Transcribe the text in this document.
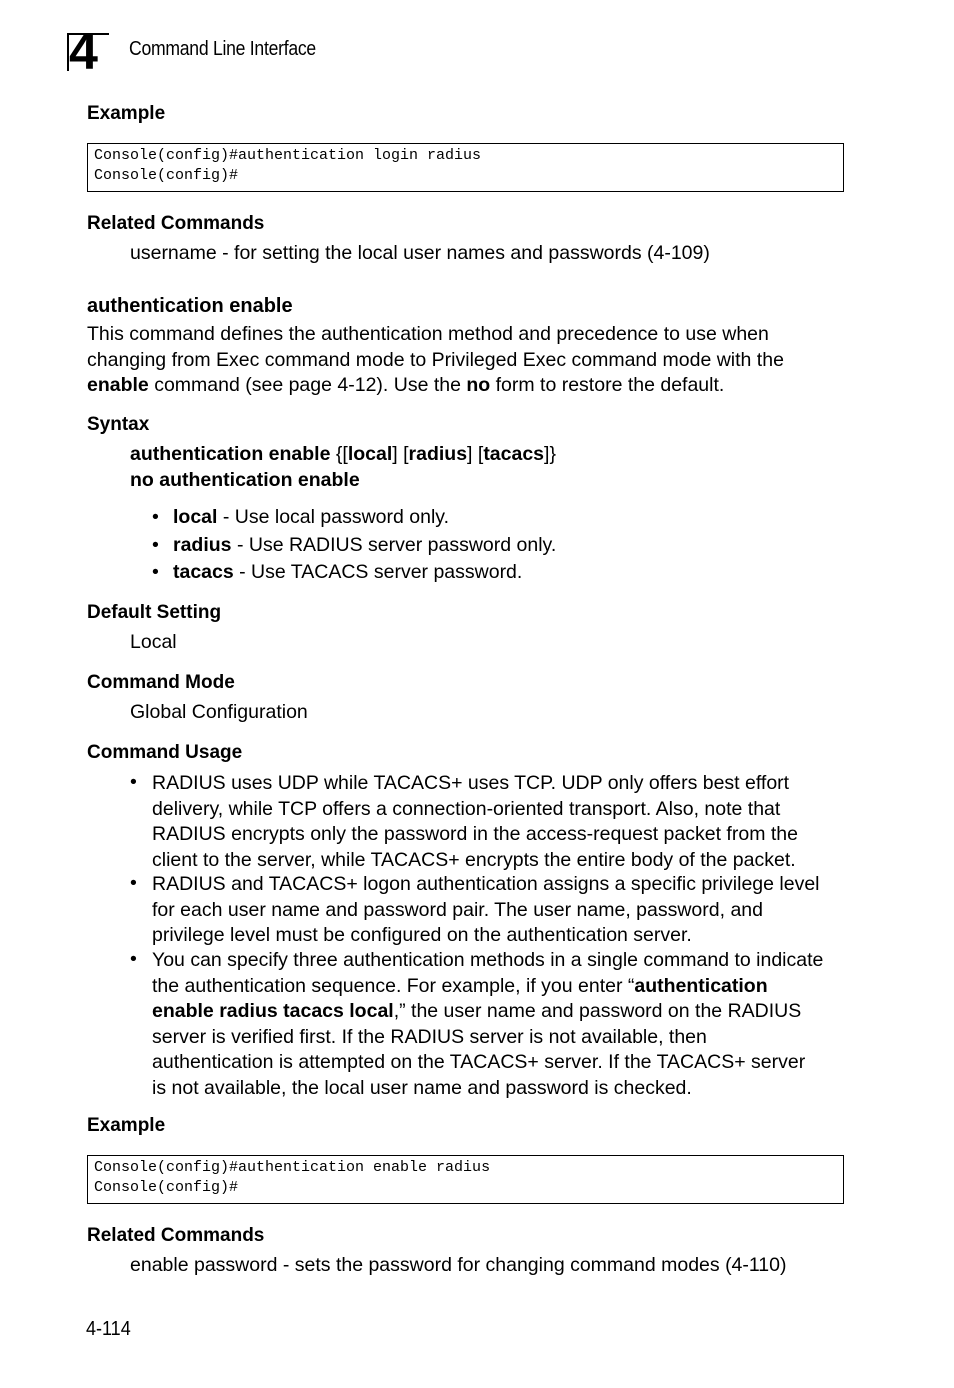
4 Command Line Interface
Example
Console(config)#authentication login radius
Console(config)#
Related Commands
username - for setting the local user names and passwords (4-109)
authentication enable
This command defines the authentication method and precedence to use when
changing from Exec command mode to Privileged Exec command mode with the
enable command (see page 4-12). Use the no form to restore the default.
Syntax
authentication enable {[local] [radius] [tacacs]}
no authentication enable
• local - Use local password only.
• radius - Use RADIUS server password only.
• tacacs - Use TACACS server password.
Default Setting
Local
Command Mode
Global Configuration
Command Usage
• RADIUS uses UDP while TACACS+ uses TCP. UDP only offers best effort
delivery, while TCP offers a connection-oriented transport. Also, note that
RADIUS encrypts only the password in the access-request packet from the
client to the server, while TACACS+ encrypts the entire body of the packet.
• RADIUS and TACACS+ logon authentication assigns a specific privilege level
for each user name and password pair. The user name, password, and
privilege level must be configured on the authentication server.
• You can specify three authentication methods in a single command to indicate
the authentication sequence. For example, if you enter “authentication
enable radius tacacs local,” the user name and password on the RADIUS
server is verified first. If the RADIUS server is not available, then
authentication is attempted on the TACACS+ server. If the TACACS+ server
is not available, the local user name and password is checked.
Example
Console(config)#authentication enable radius
Console(config)#
Related Commands
enable password - sets the password for changing command modes (4-110)
4-114
